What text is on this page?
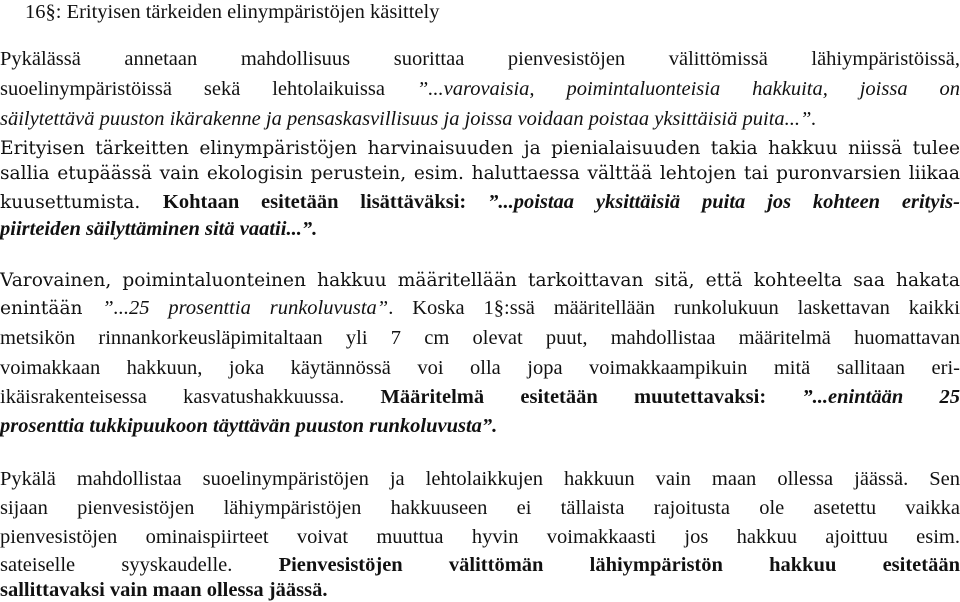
16§: Erityisen tärkeiden elinympäristöjen käsittely
Pykälässä annetaan mahdollisuus suorittaa pienvesistöjen välittömissä lähiympäristöissä,
suoelinympäristöissä sekä lehtolaikuissa ”...varovaisia, poimintaluonteisia hakkuita, joissa on
säilytettävä puuston ikärakenne ja pensaskasvillisuus ja joissa voidaan poistaa yksittäisiä puita...”.
Erityisen tärkeitten elinympäristöjen harvinaisuuden ja pienialaisuuden takia hakkuu niissä tulee
sallia etupäässä vain ekologisin perustein, esim. haluttaessa välttää lehtojen tai puronvarsien liikaa
kuusettumista. Kohtaan esitetään lisättäväksi: ”...poistaa yksittäisiä puita jos kohteen erityis-
piirteiden säilyttäminen sitä vaatii...”.
Varovainen, poimintaluonteinen hakkuu määritellään tarkoittavan sitä, että kohteelta saa hakata
enintään ”...25 prosenttia runkoluvusta”. Koska 1§:ssä määritellään runkolukuun laskettavan kaikki
metsikön rinnankorkeusläpimitaltaan yli 7 cm olevat puut, mahdollistaa määritelmä huomattavan
voimakkaan hakkuun, joka käytännössä voi olla jopa voimakkaampikuin mitä sallitaan eri-
ikäisrakenteisessa kasvatushakkuussa. Määritelmä esitetään muutettavaksi: ”...enintään 25
prosenttia tukkipuukoon täyttävän puuston runkoluvusta”.
Pykälä mahdollistaa suoelinympäristöjen ja lehtolaikkujen hakkuun vain maan ollessa jäässä. Sen
sijaan pienvesistöjen lähiympäristöjen hakkuuseen ei tällaista rajoitusta ole asetettu vaikka
pienvesistöjen ominaispiirteet voivat muuttua hyvin voimakkaasti jos hakkuu ajoittuu esim.
sateiselle syyskaudelle. Pienvesistöjen välittömän lähiympäristön hakkuu esitetään
sallittavaksi vain maan ollessa jäässä.
